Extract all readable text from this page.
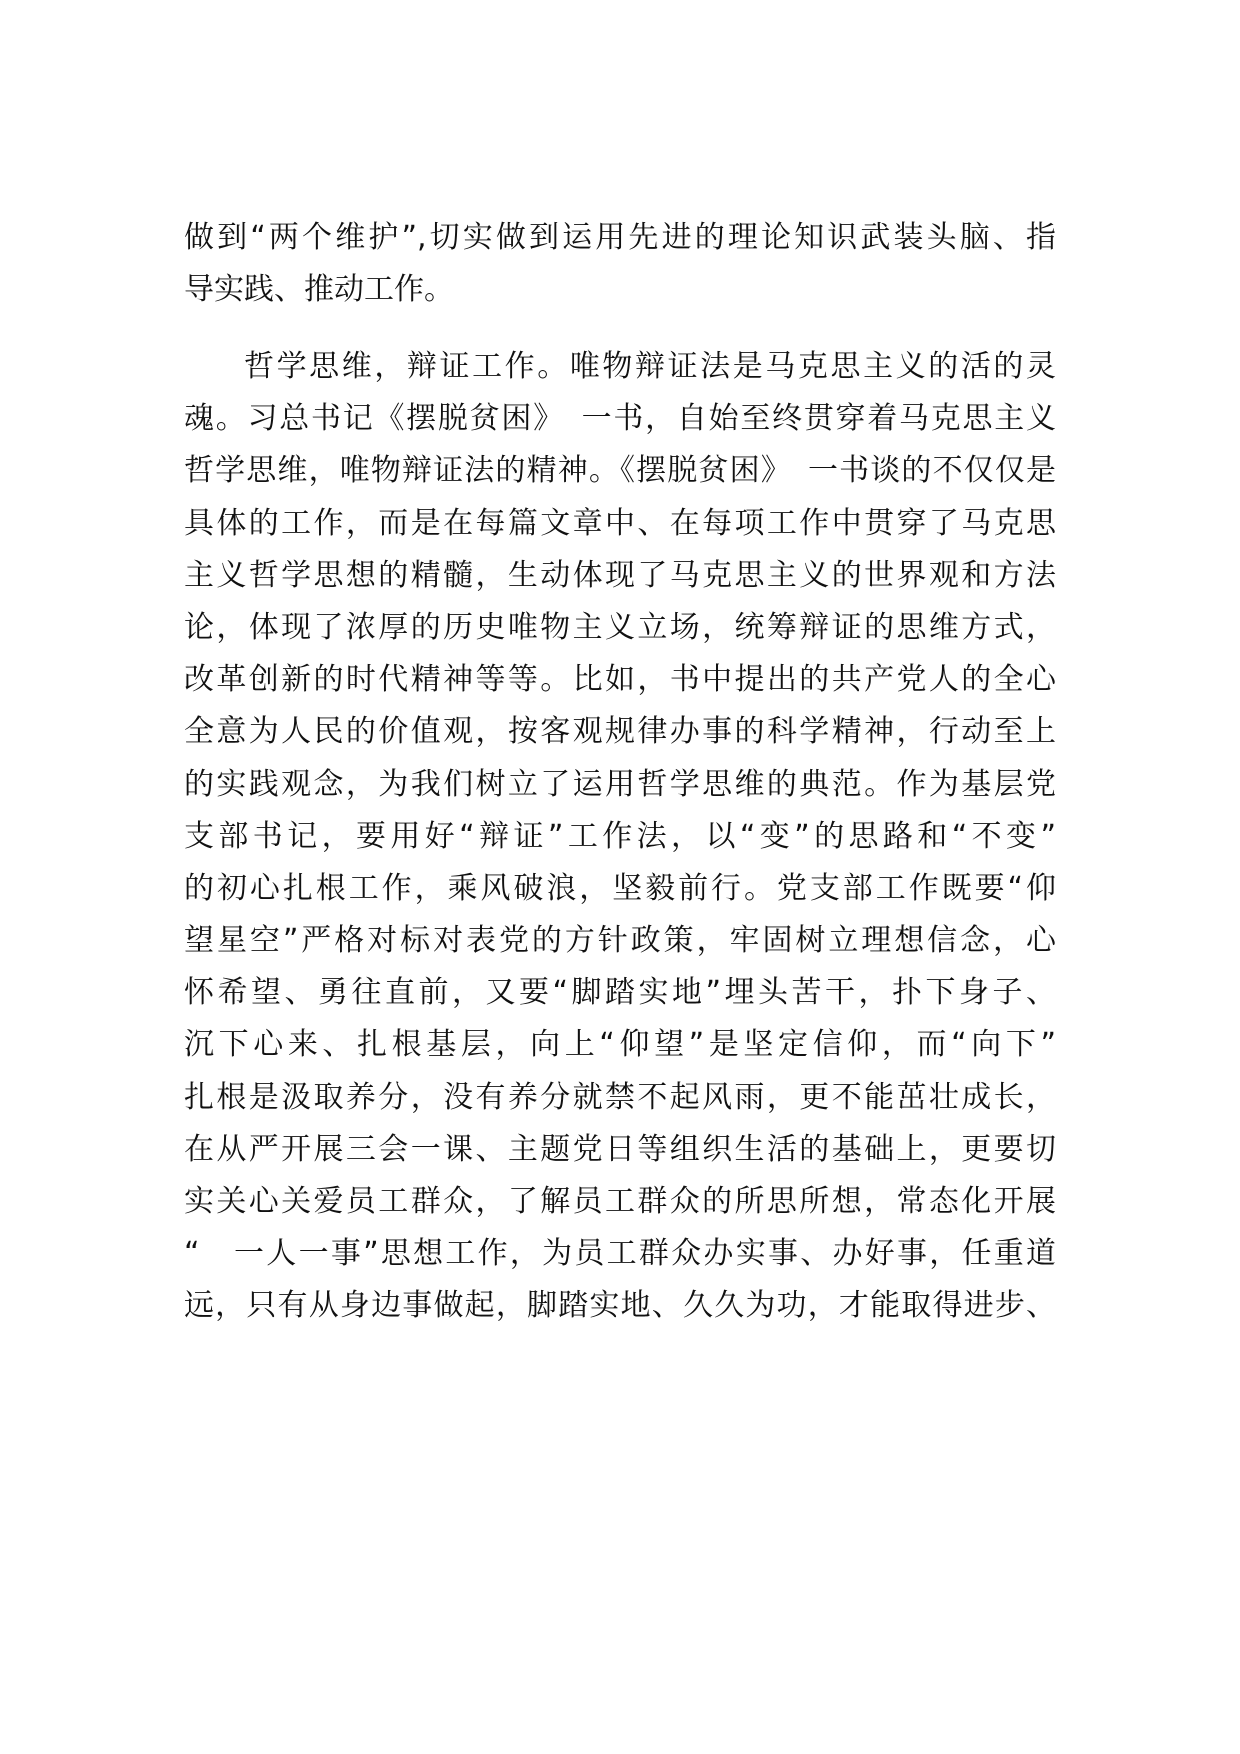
做到“两个维护”,切实做到运用先进的理论知识武装头脑、指
导实践、推动工作。
哲学思维，辩证工作。唯物辩证法是马克思主义的活的灵
魂。习总书记《摆脱贫困》　一书，自始至终贯穿着马克思主义
哲学思维，唯物辩证法的精神。《摆脱贫困》　一书谈的不仅仅是
具体的工作，而是在每篇文章中、在每项工作中贯穿了马克思
主义哲学思想的精髓，生动体现了马克思主义的世界观和方法
论，体现了浓厚的历史唯物主义立场，统筹辩证的思维方式，
改革创新的时代精神等等。比如，书中提出的共产党人的全心
全意为人民的价值观，按客观规律办事的科学精神，行动至上
的实践观念，为我们树立了运用哲学思维的典范。作为基层党
支部书记，要用好“辩证”工作法，以“变”的思路和“不变”
的初心扎根工作，乘风破浪，坚毅前行。党支部工作既要“仰
望星空”严格对标对表党的方针政策，牢固树立理想信念，心
怀希望、勇往直前，又要“脚踏实地”埋头苦干，扑下身子、
沉下心来、扎根基层，向上“仰望”是坚定信仰，而“向下”
扎根是汲取养分，没有养分就禁不起风雨，更不能茁壮成长，
在从严开展三会一课、主题党日等组织生活的基础上，更要切
实关心关爱员工群众，了解员工群众的所思所想，常态化开展
“　一人一事”思想工作，为员工群众办实事、办好事，任重道
远，只有从身边事做起，脚踏实地、久久为功，才能取得进步、
